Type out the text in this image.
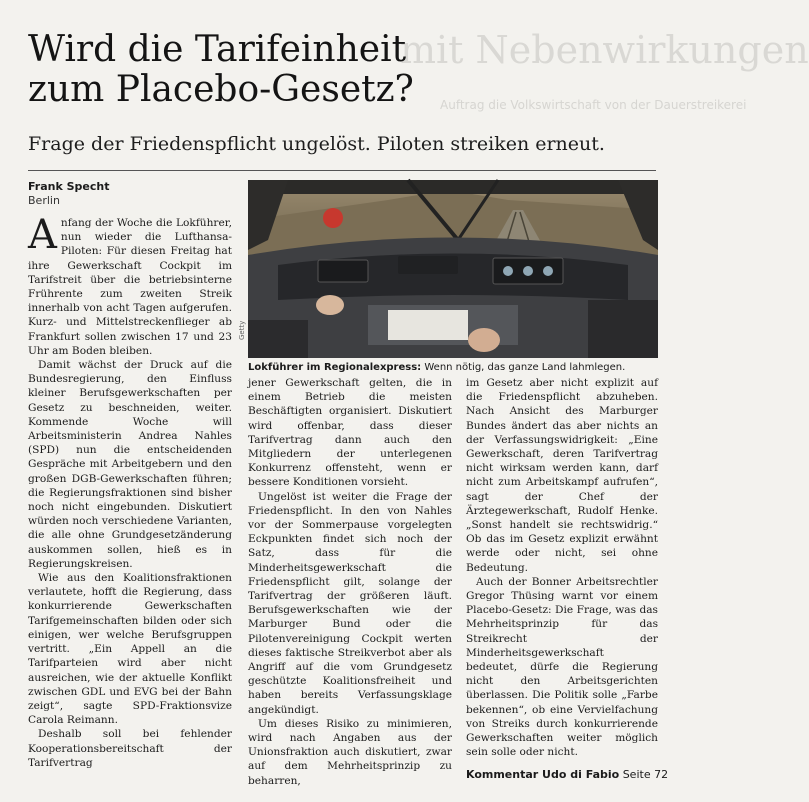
mit Nebenwirkungen
Auftrag die Volkswirtschaft von der Dauerstreikerei
Wird die Tarifeinheit
zum Placebo-Gesetz?
Frage der Friedenspflicht ungelöst. Piloten streiken erneut.
Frank Specht
Berlin

Anfang der Woche die Lokführer, nun wieder die Lufthansa-Piloten: Für diesen Freitag hat ihre Gewerkschaft Cockpit im Tarifstreit über die betriebsinterne Frührente zum zweiten Streik innerhalb von acht Tagen aufgerufen. Kurz- und Mittelstreckenflieger ab Frankfurt sollen zwischen 17 und 23 Uhr am Boden bleiben.

Damit wächst der Druck auf die Bundesregierung, den Einfluss kleiner Berufsgewerkschaften per Gesetz zu beschneiden, weiter. Kommende Woche will Arbeitsministerin Andrea Nahles (SPD) nun die entscheidenden Gespräche mit Arbeitgebern und den großen DGB-Gewerkschaften führen; die Regierungsfraktionen sind bisher noch nicht eingebunden. Diskutiert würden noch verschiedene Varianten, die alle ohne Grundgesetzänderung auskommen sollen, hieß es in Regierungskreisen.

Wie aus den Koalitionsfraktionen verlautete, hofft die Regierung, dass konkurrierende Gewerkschaften Tarifgemeinschaften bilden oder sich einigen, wer welche Berufsgruppen vertritt. „Ein Appell an die Tarifparteien wird aber nicht ausreichen, wie der aktuelle Konflikt zwischen GDL und EVG bei der Bahn zeigt“, sagte SPD-Fraktionsvize Carola Reimann.

Deshalb soll bei fehlender Kooperationsbereitschaft der Tarifvertrag

Getty
Lokführer im Regionalexpress: Wenn nötig, das ganze Land lahmlegen.

jener Gewerkschaft gelten, die in einem Betrieb die meisten Beschäftigten organisiert. Diskutiert wird offenbar, dass dieser Tarifvertrag dann auch den Mitgliedern der unterlegenen Konkurrenz offensteht, wenn er bessere Konditionen vorsieht.

Ungelöst ist weiter die Frage der Friedenspflicht. In den von Nahles vor der Sommerpause vorgelegten Eckpunkten findet sich noch der Satz, dass für die Minderheitsgewerkschaft die Friedenspflicht gilt, solange der Tarifvertrag der größeren läuft. Berufsgewerkschaften wie der Marburger Bund oder die Pilotenvereinigung Cockpit werten dieses faktische Streikverbot aber als Angriff auf die vom Grundgesetz geschützte Koalitionsfreiheit und haben bereits Verfassungsklage angekündigt.

Um dieses Risiko zu minimieren, wird nach Angaben aus der Unionsfraktion auch diskutiert, zwar auf dem Mehrheitsprinzip zu beharren,

im Gesetz aber nicht explizit auf die Friedenspflicht abzuheben. Nach Ansicht des Marburger Bundes ändert das aber nichts an der Verfassungswidrigkeit: „Eine Gewerkschaft, deren Tarifvertrag nicht wirksam werden kann, darf nicht zum Arbeitskampf aufrufen“, sagt der Chef der Ärztegewerkschaft, Rudolf Henke. „Sonst handelt sie rechtswidrig.“ Ob das im Gesetz explizit erwähnt werde oder nicht, sei ohne Bedeutung.

Auch der Bonner Arbeitsrechtler Gregor Thüsing warnt vor einem Placebo-Gesetz: Die Frage, was das Mehrheitsprinzip für das Streikrecht der Minderheitsgewerkschaft bedeutet, dürfe die Regierung nicht den Arbeitsgerichten überlassen. Die Politik solle „Farbe bekennen“, ob eine Vervielfachung von Streiks durch konkurrierende Gewerkschaften weiter möglich sein solle oder nicht.

Kommentar Udo di Fabio Seite 72
